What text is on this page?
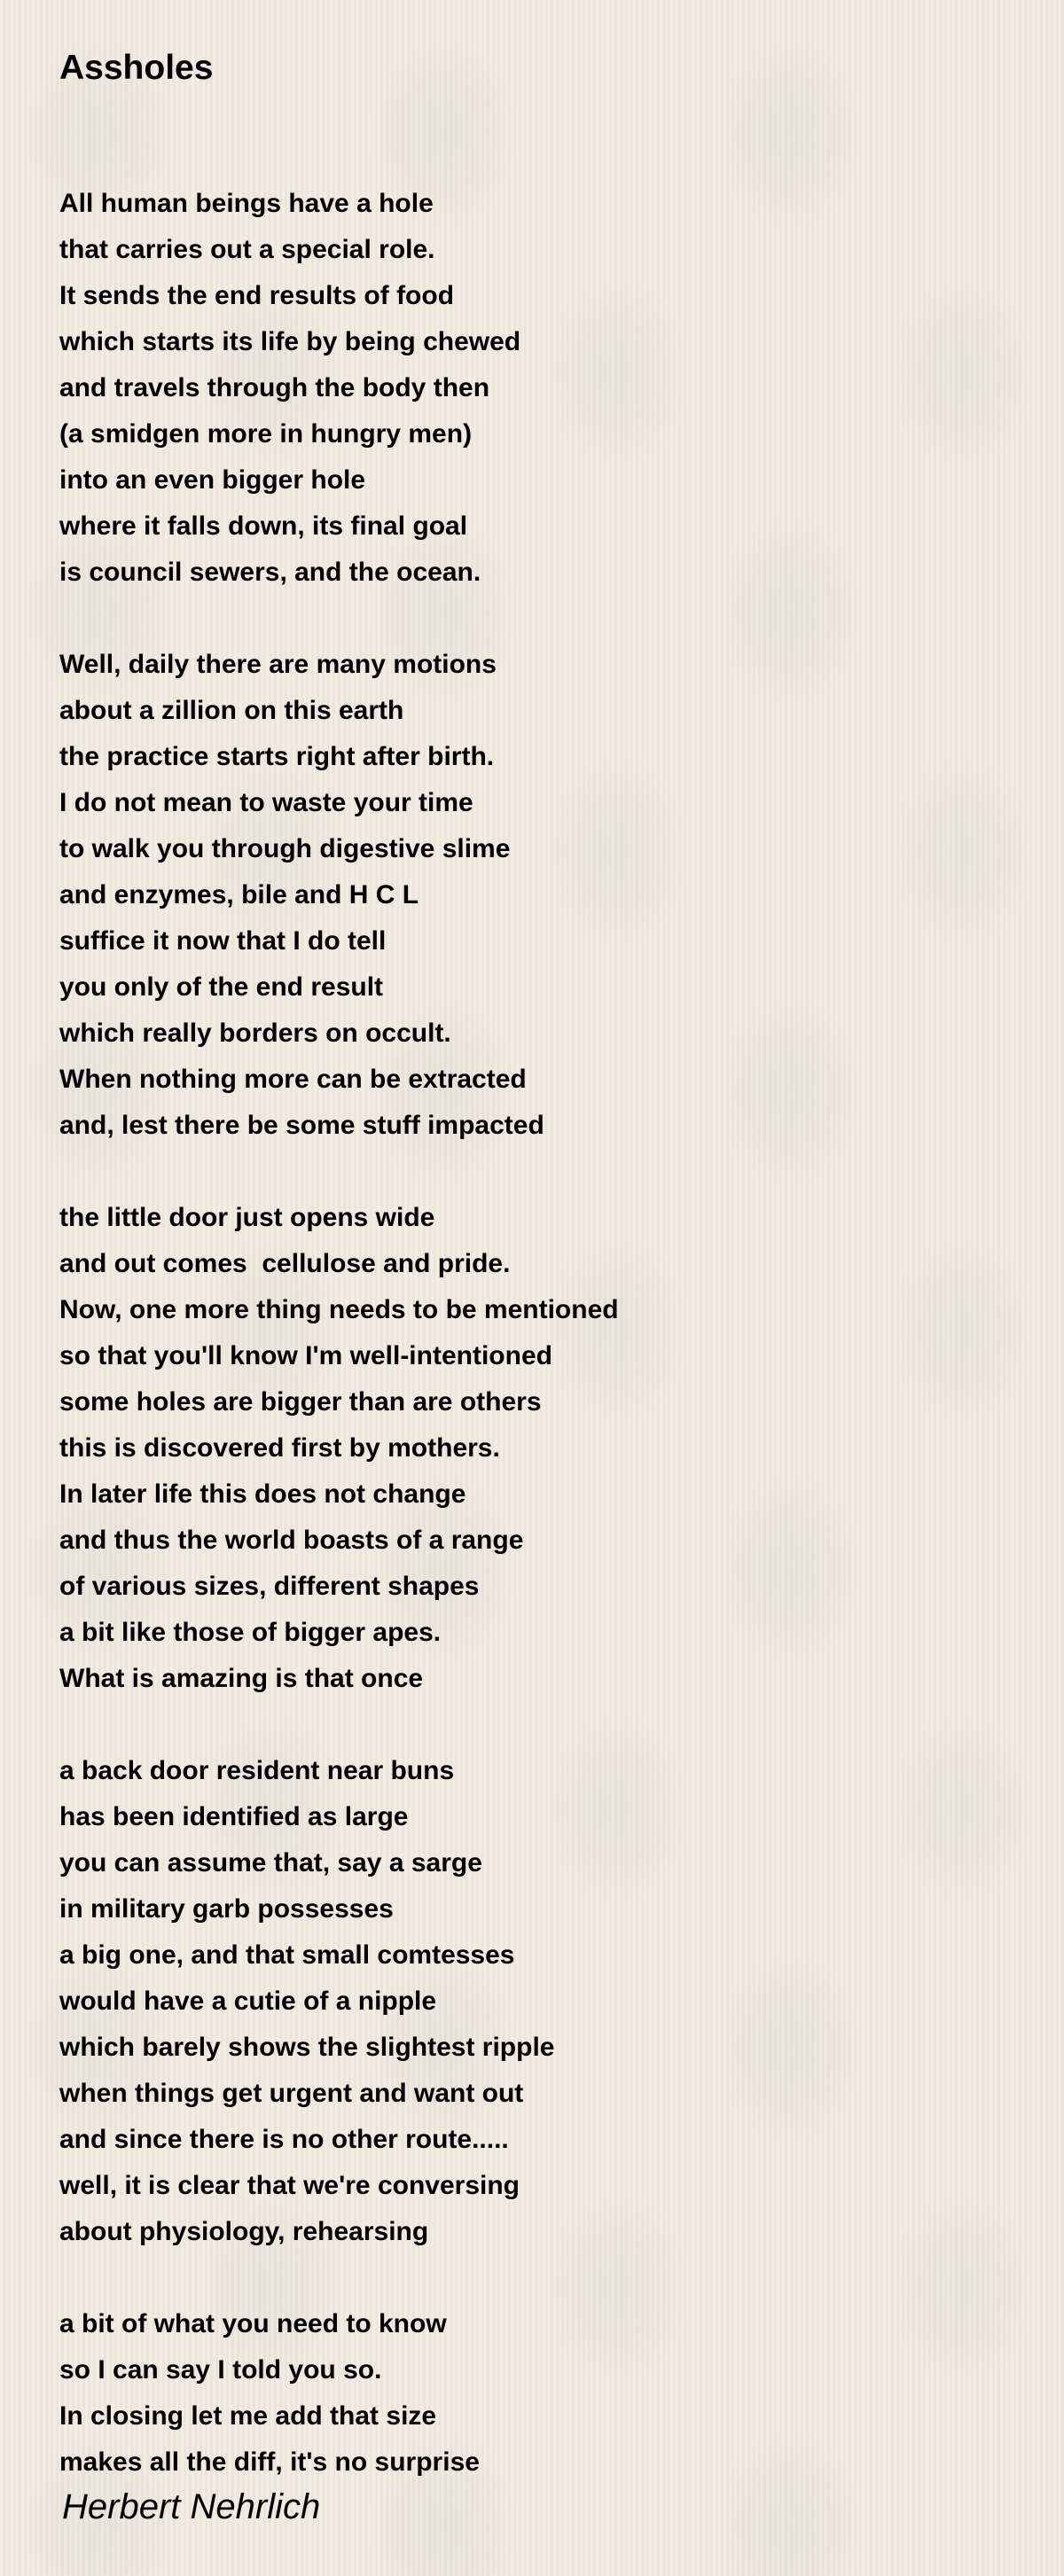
Assholes
All human beings have a hole
that carries out a special role.
It sends the end results of food
which starts its life by being chewed
and travels through the body then
(a smidgen more in hungry men)
into an even bigger hole
where it falls down, its final goal
is council sewers, and the ocean.
Well, daily there are many motions
about a zillion on this earth
the practice starts right after birth.
I do not mean to waste your time
to walk you through digestive slime
and enzymes, bile and H C L
suffice it now that I do tell
you only of the end result
which really borders on occult.
When nothing more can be extracted
and, lest there be some stuff impacted
the little door just opens wide
and out comes  cellulose and pride.
Now, one more thing needs to be mentioned
so that you'll know I'm well-intentioned
some holes are bigger than are others
this is discovered first by mothers.
In later life this does not change
and thus the world boasts of a range
of various sizes, different shapes
a bit like those of bigger apes.
What is amazing is that once
a back door resident near buns
has been identified as large
you can assume that, say a sarge
in military garb possesses
a big one, and that small comtesses
would have a cutie of a nipple
which barely shows the slightest ripple
when things get urgent and want out
and since there is no other route.....
well, it is clear that we're conversing
about physiology, rehearsing
a bit of what you need to know
so I can say I told you so.
In closing let me add that size
makes all the diff, it's no surprise
Herbert Nehrlich
